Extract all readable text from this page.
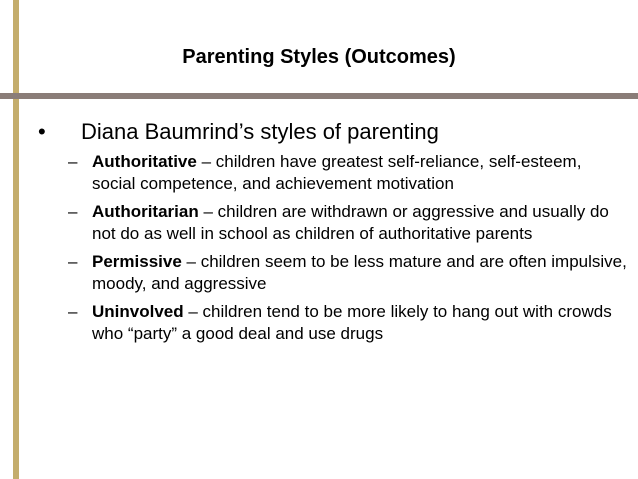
Parenting Styles (Outcomes)
• Diana Baumrind’s styles of parenting
– Authoritative – children have greatest self-reliance, self-esteem, social competence, and achievement motivation
– Authoritarian – children are withdrawn or aggressive and usually do not do as well in school as children of authoritative parents
– Permissive – children seem to be less mature and are often impulsive, moody, and aggressive
– Uninvolved – children tend to be more likely to hang out with crowds who “party” a good deal and use drugs
